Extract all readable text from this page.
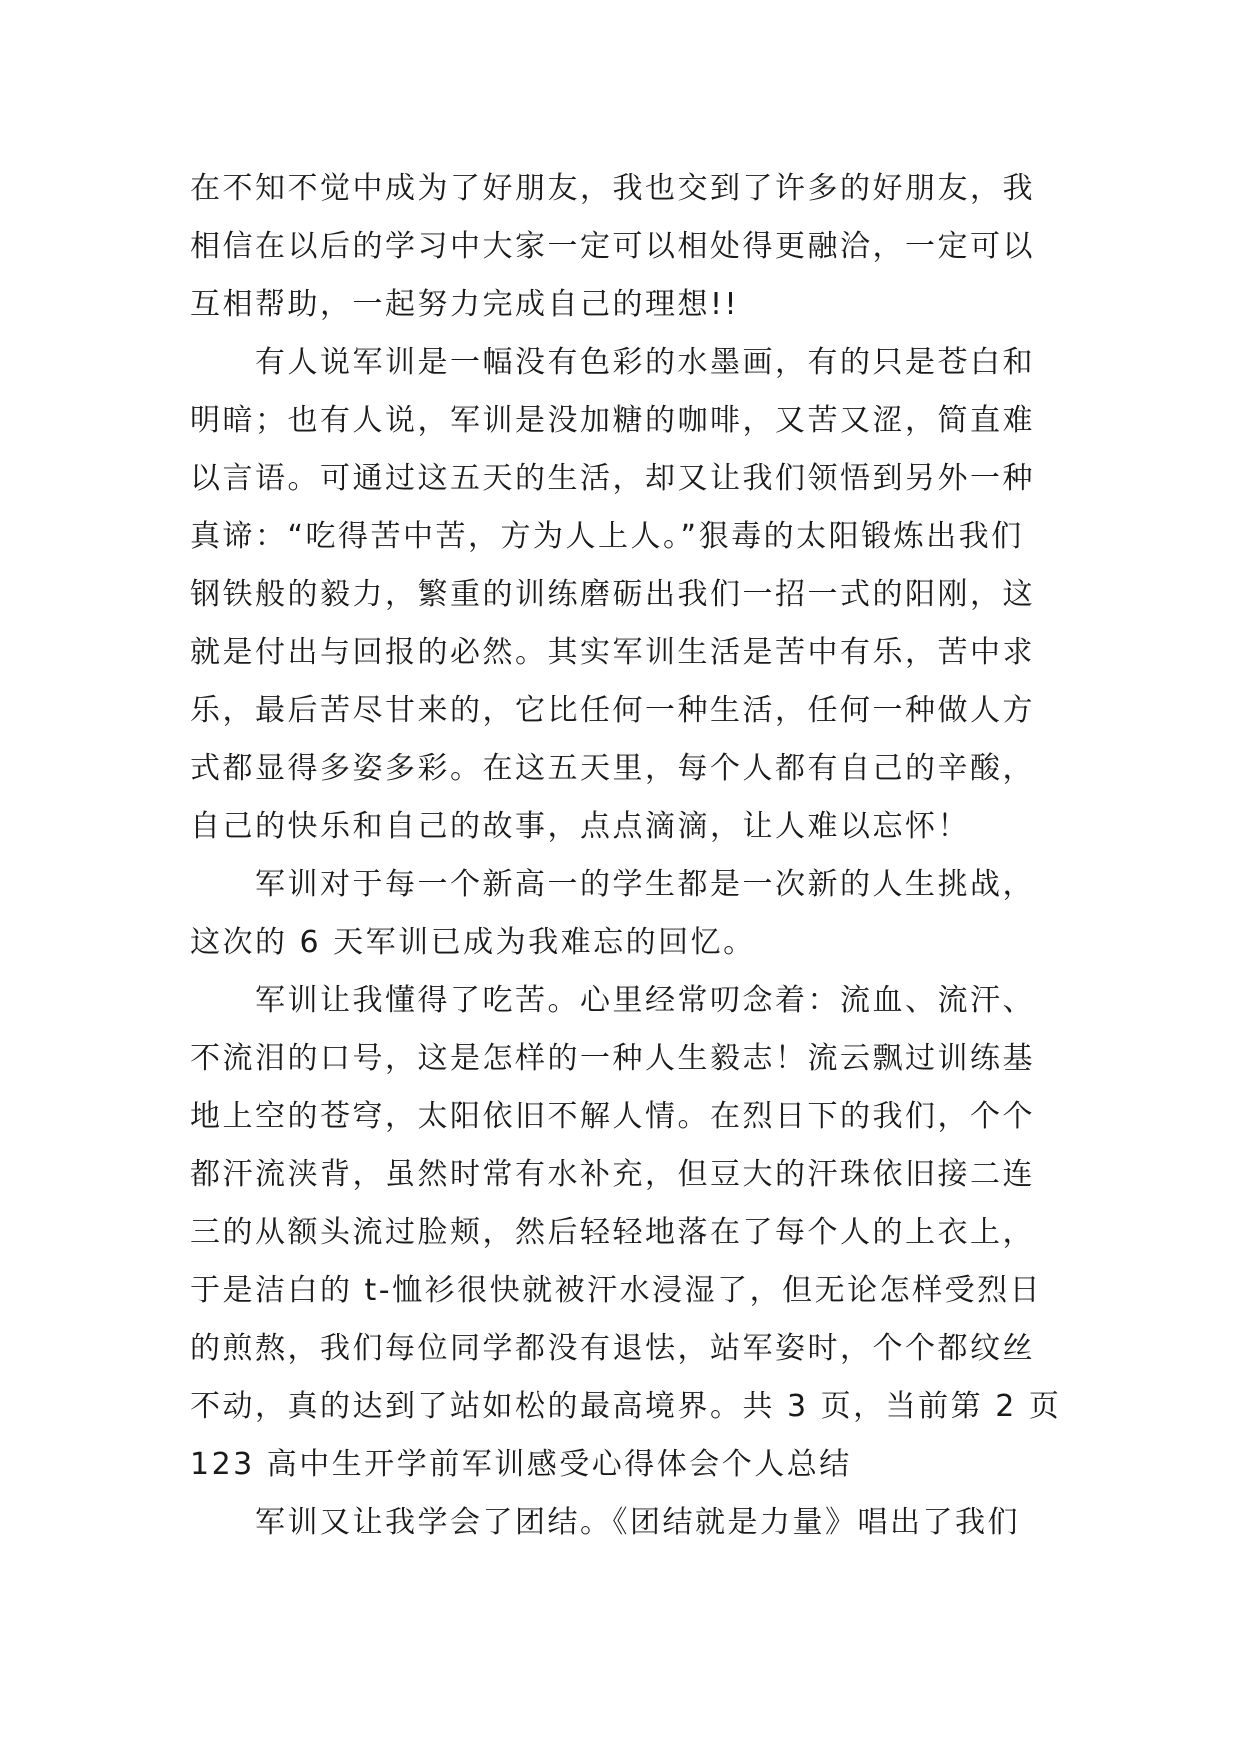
在不知不觉中成为了好朋友，我也交到了许多的好朋友，我
相信在以后的学习中大家一定可以相处得更融洽，一定可以
互相帮助，一起努力完成自己的理想!!
有人说军训是一幅没有色彩的水墨画，有的只是苍白和
明暗；也有人说，军训是没加糖的咖啡，又苦又涩，简直难
以言语。可通过这五天的生活，却又让我们领悟到另外一种
真谛：“吃得苦中苦，方为人上人。”狠毒的太阳锻炼出我们
钢铁般的毅力，繁重的训练磨砺出我们一招一式的阳刚，这
就是付出与回报的必然。其实军训生活是苦中有乐，苦中求
乐，最后苦尽甘来的，它比任何一种生活，任何一种做人方
式都显得多姿多彩。在这五天里，每个人都有自己的辛酸，
自己的快乐和自己的故事，点点滴滴，让人难以忘怀！
军训对于每一个新高一的学生都是一次新的人生挑战，
这次的 6 天军训已成为我难忘的回忆。
军训让我懂得了吃苦。心里经常叨念着：流血、流汗、
不流泪的口号，这是怎样的一种人生毅志！流云飘过训练基
地上空的苍穹，太阳依旧不解人情。在烈日下的我们，个个
都汗流浃背，虽然时常有水补充，但豆大的汗珠依旧接二连
三的从额头流过脸颊，然后轻轻地落在了每个人的上衣上，
于是洁白的 t-恤衫很快就被汗水浸湿了，但无论怎样受烈日
的煎熬，我们每位同学都没有退怯，站军姿时，个个都纹丝
不动，真的达到了站如松的最高境界。共 3 页，当前第 2 页
123 高中生开学前军训感受心得体会个人总结
军训又让我学会了团结。《团结就是力量》唱出了我们
